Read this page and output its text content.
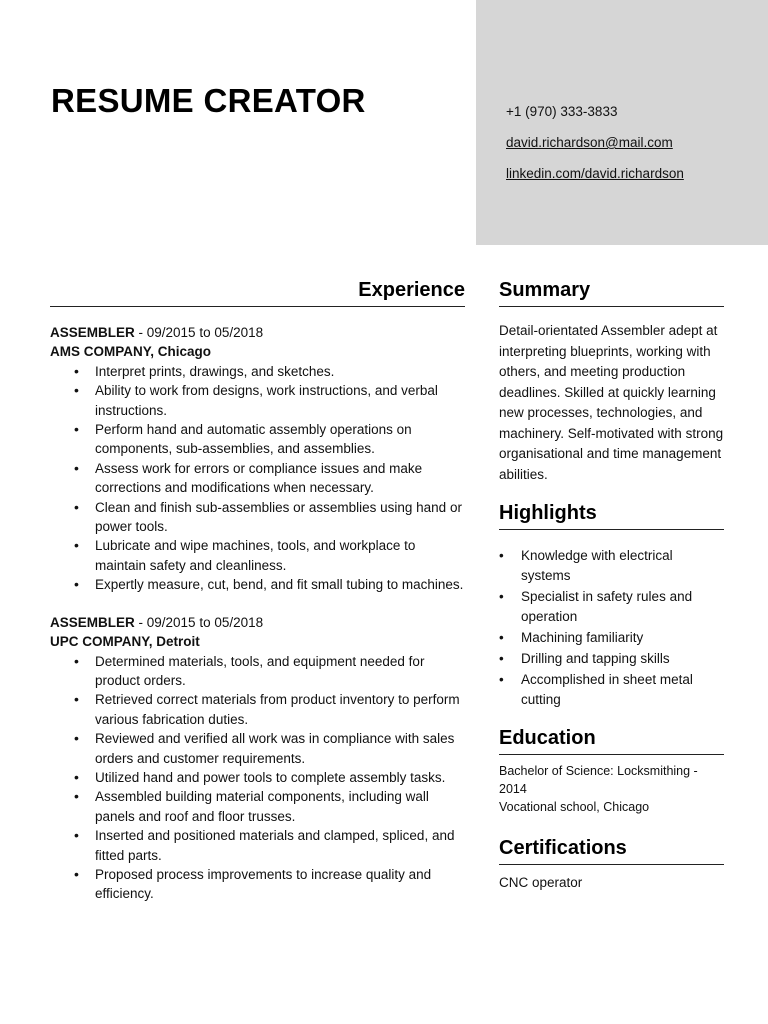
RESUME CREATOR	+1 (970) 333-3833
david.richardson@mail.com
linkedin.com/david.richardson
Experience
ASSEMBLER - 09/2015 to 05/2018
AMS COMPANY, Chicago
• Interpret prints, drawings, and sketches.
• Ability to work from designs, work instructions, and verbal instructions.
• Perform hand and automatic assembly operations on components, sub-assemblies, and assemblies.
• Assess work for errors or compliance issues and make corrections and modifications when necessary.
• Clean and finish sub-assemblies or assemblies using hand or power tools.
• Lubricate and wipe machines, tools, and workplace to maintain safety and cleanliness.
• Expertly measure, cut, bend, and fit small tubing to machines.
ASSEMBLER - 09/2015 to 05/2018
UPC COMPANY, Detroit
• Determined materials, tools, and equipment needed for product orders.
• Retrieved correct materials from product inventory to perform various fabrication duties.
• Reviewed and verified all work was in compliance with sales orders and customer requirements.
• Utilized hand and power tools to complete assembly tasks.
• Assembled building material components, including wall panels and roof and floor trusses.
• Inserted and positioned materials and clamped, spliced, and fitted parts.
• Proposed process improvements to increase quality and efficiency.
Summary
Detail-orientated Assembler adept at interpreting blueprints, working with others, and meeting production deadlines. Skilled at quickly learning new processes, technologies, and machinery. Self-motivated with strong organisational and time management abilities.
Highlights
• Knowledge with electrical systems
• Specialist in safety rules and operation
• Machining familiarity
• Drilling and tapping skills
• Accomplished in sheet metal cutting
Education
Bachelor of Science: Locksmithing - 2014
Vocational school, Chicago
Certifications
CNC operator
